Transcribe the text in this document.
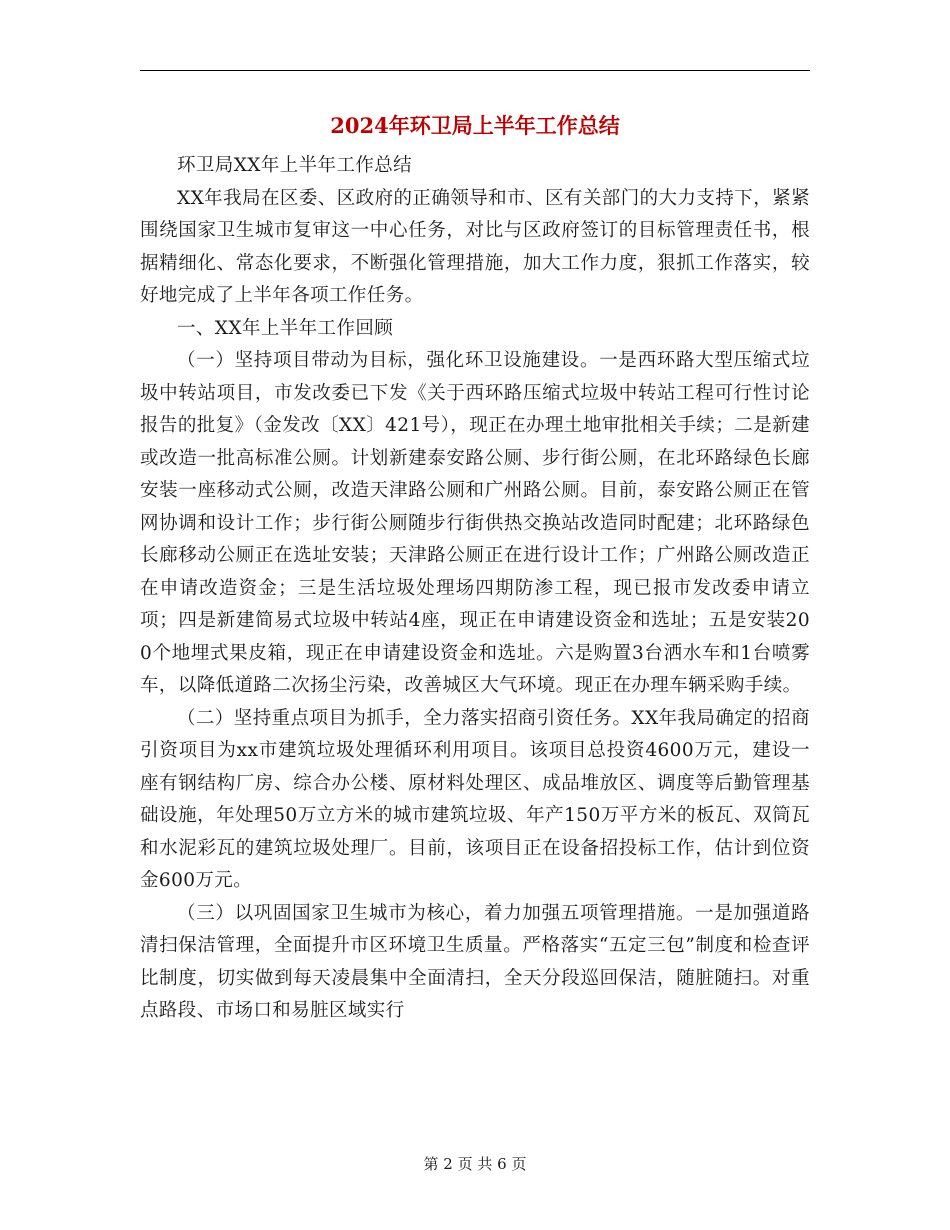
2024年环卫局上半年工作总结

环卫局XX年上半年工作总结

XX年我局在区委、区政府的正确领导和市、区有关部门的大力支持下，紧紧围绕国家卫生城市复审这一中心任务，对比与区政府签订的目标管理责任书，根据精细化、常态化要求，不断强化管理措施，加大工作力度，狠抓工作落实，较好地完成了上半年各项工作任务。

一、XX年上半年工作回顾

（一）坚持项目带动为目标，强化环卫设施建设。一是西环路大型压缩式垃圾中转站项目，市发改委已下发《关于西环路压缩式垃圾中转站工程可行性讨论报告的批复》（金发改〔XX〕421号），现正在办理土地审批相关手续；二是新建或改造一批高标准公厕。计划新建泰安路公厕、步行街公厕，在北环路绿色长廊安装一座移动式公厕，改造天津路公厕和广州路公厕。目前，泰安路公厕正在管网协调和设计工作；步行街公厕随步行街供热交换站改造同时配建；北环路绿色长廊移动公厕正在选址安装；天津路公厕正在进行设计工作；广州路公厕改造正在申请改造资金；三是生活垃圾处理场四期防渗工程，现已报市发改委申请立项；四是新建简易式垃圾中转站4座，现正在申请建设资金和选址；五是安装200个地埋式果皮箱，现正在申请建设资金和选址。六是购置3台洒水车和1台喷雾车，以降低道路二次扬尘污染，改善城区大气环境。现正在办理车辆采购手续。

（二）坚持重点项目为抓手，全力落实招商引资任务。XX年我局确定的招商引资项目为xx市建筑垃圾处理循环利用项目。该项目总投资4600万元，建设一座有钢结构厂房、综合办公楼、原材料处理区、成品堆放区、调度等后勤管理基础设施，年处理50万立方米的城市建筑垃圾、年产150万平方米的板瓦、双筒瓦和水泥彩瓦的建筑垃圾处理厂。目前，该项目正在设备招投标工作，估计到位资金600万元。

（三）以巩固国家卫生城市为核心，着力加强五项管理措施。一是加强道路清扫保洁管理，全面提升市区环境卫生质量。严格落实“五定三包”制度和检查评比制度，切实做到每天凌晨集中全面清扫，全天分段巡回保洁，随脏随扫。对重点路段、市场口和易脏区域实行

第 2 页 共 6 页
